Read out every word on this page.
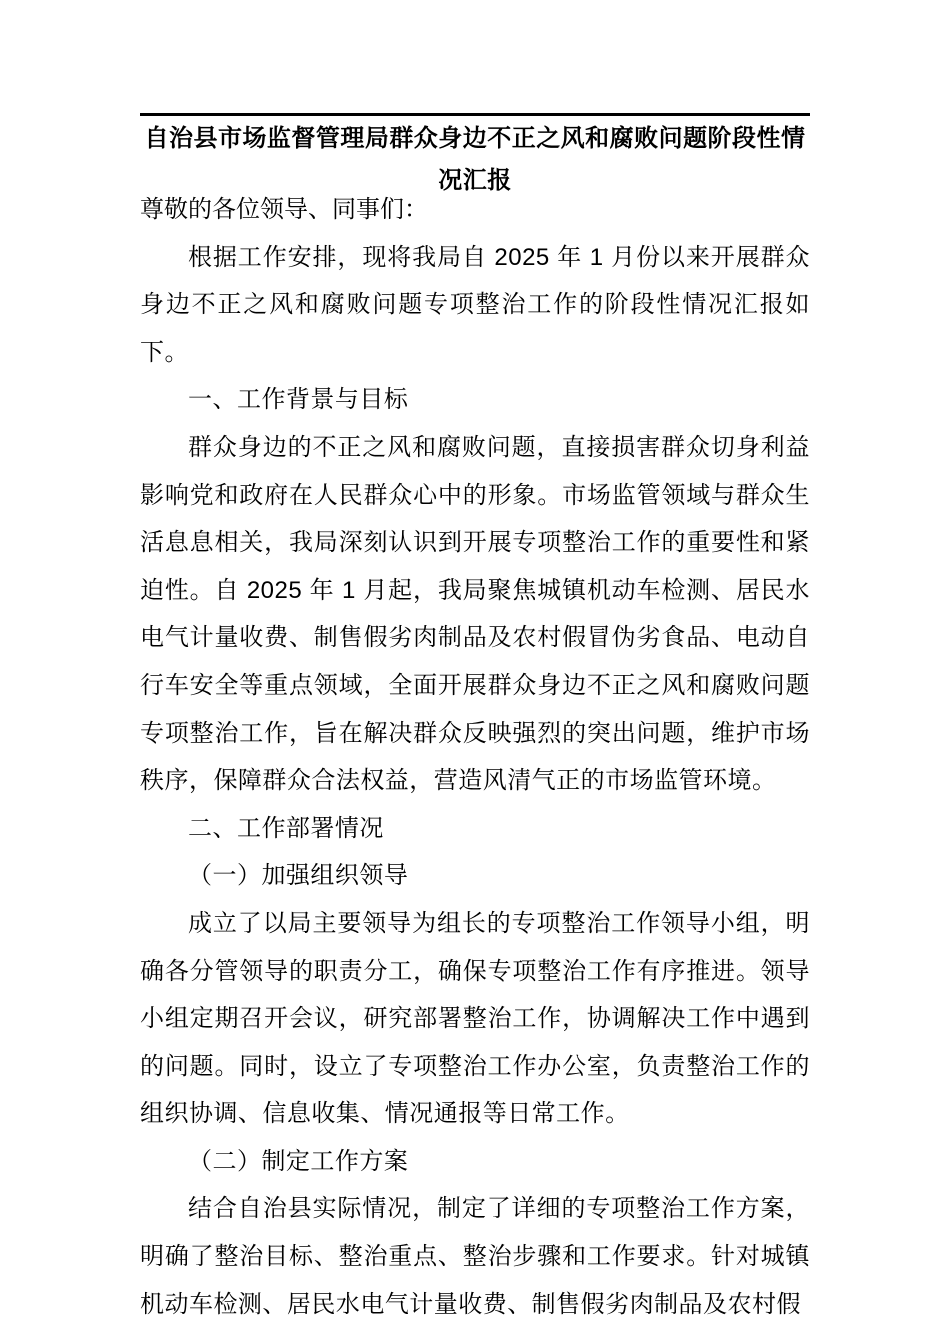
自治县市场监督管理局群众身边不正之风和腐败问题阶段性情况汇报
尊敬的各位领导、同事们：

根据工作安排，现将我局自 2025 年 1 月份以来开展群众身边不正之风和腐败问题专项整治工作的阶段性情况汇报如下。

一、工作背景与目标

群众身边的不正之风和腐败问题，直接损害群众切身利益影响党和政府在人民群众心中的形象。市场监管领域与群众生活息息相关，我局深刻认识到开展专项整治工作的重要性和紧迫性。自 2025 年 1 月起，我局聚焦城镇机动车检测、居民水电气计量收费、制售假劣肉制品及农村假冒伪劣食品、电动自行车安全等重点领域，全面开展群众身边不正之风和腐败问题专项整治工作，旨在解决群众反映强烈的突出问题，维护市场秩序，保障群众合法权益，营造风清气正的市场监管环境。

二、工作部署情况

（一）加强组织领导

成立了以局主要领导为组长的专项整治工作领导小组，明确各分管领导的职责分工，确保专项整治工作有序推进。领导小组定期召开会议，研究部署整治工作，协调解决工作中遇到的问题。同时，设立了专项整治工作办公室，负责整治工作的组织协调、信息收集、情况通报等日常工作。

（二）制定工作方案

结合自治县实际情况，制定了详细的专项整治工作方案，明确了整治目标、整治重点、整治步骤和工作要求。针对城镇机动车检测、居民水电气计量收费、制售假劣肉制品及农村假
